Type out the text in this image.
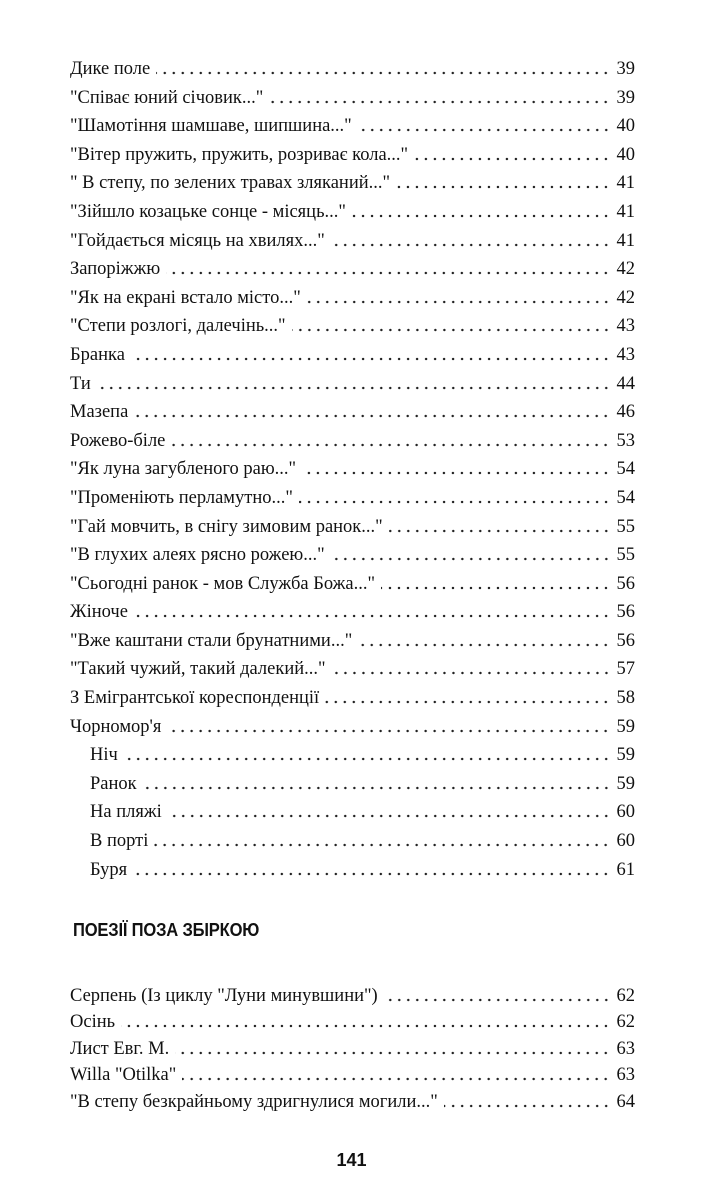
Дике поле	39
"Співає юний січовик..."	39
"Шамотіння шамшаве, шипшина..."	40
"Вітер пружить, пружить, розриває кола..."	40
" В степу, по зелених травах зляканий..."	41
"Зійшло козацьке сонце - місяць..."	41
"Гойдається місяць на хвилях..."	41
Запоріжжю	42
"Як на екрані встало місто..."	42
"Степи розлогі, далечінь..."	43
Бранка	43
Ти	44
Мазепа	46
Рожево-біле	53
"Як луна загубленого раю..."	54
"Променіють перламутно..."	54
"Гай мовчить, в снігу зимовим ранок..."	55
"В глухих алеях рясно рожею..."	55
"Сьогодні ранок - мов Служба Божа..."	56
Жіноче	56
"Вже каштани стали брунатними..."	56
"Такий чужий, такий далекий..."	57
З Емігрантської кореспонденції	58
Чорномор'я	59
Ніч	59
Ранок	59
На пляжі	60
В порті	60
Буря	61
ПОЕЗІЇ ПОЗА ЗБІРКОЮ
Серпень (Із циклу "Луни минувшини")	62
Осінь	62
Лист Евг. М.	63
Willa "Otilka"	63
"В степу безкрайньому здригнулися могили..."	64
141
